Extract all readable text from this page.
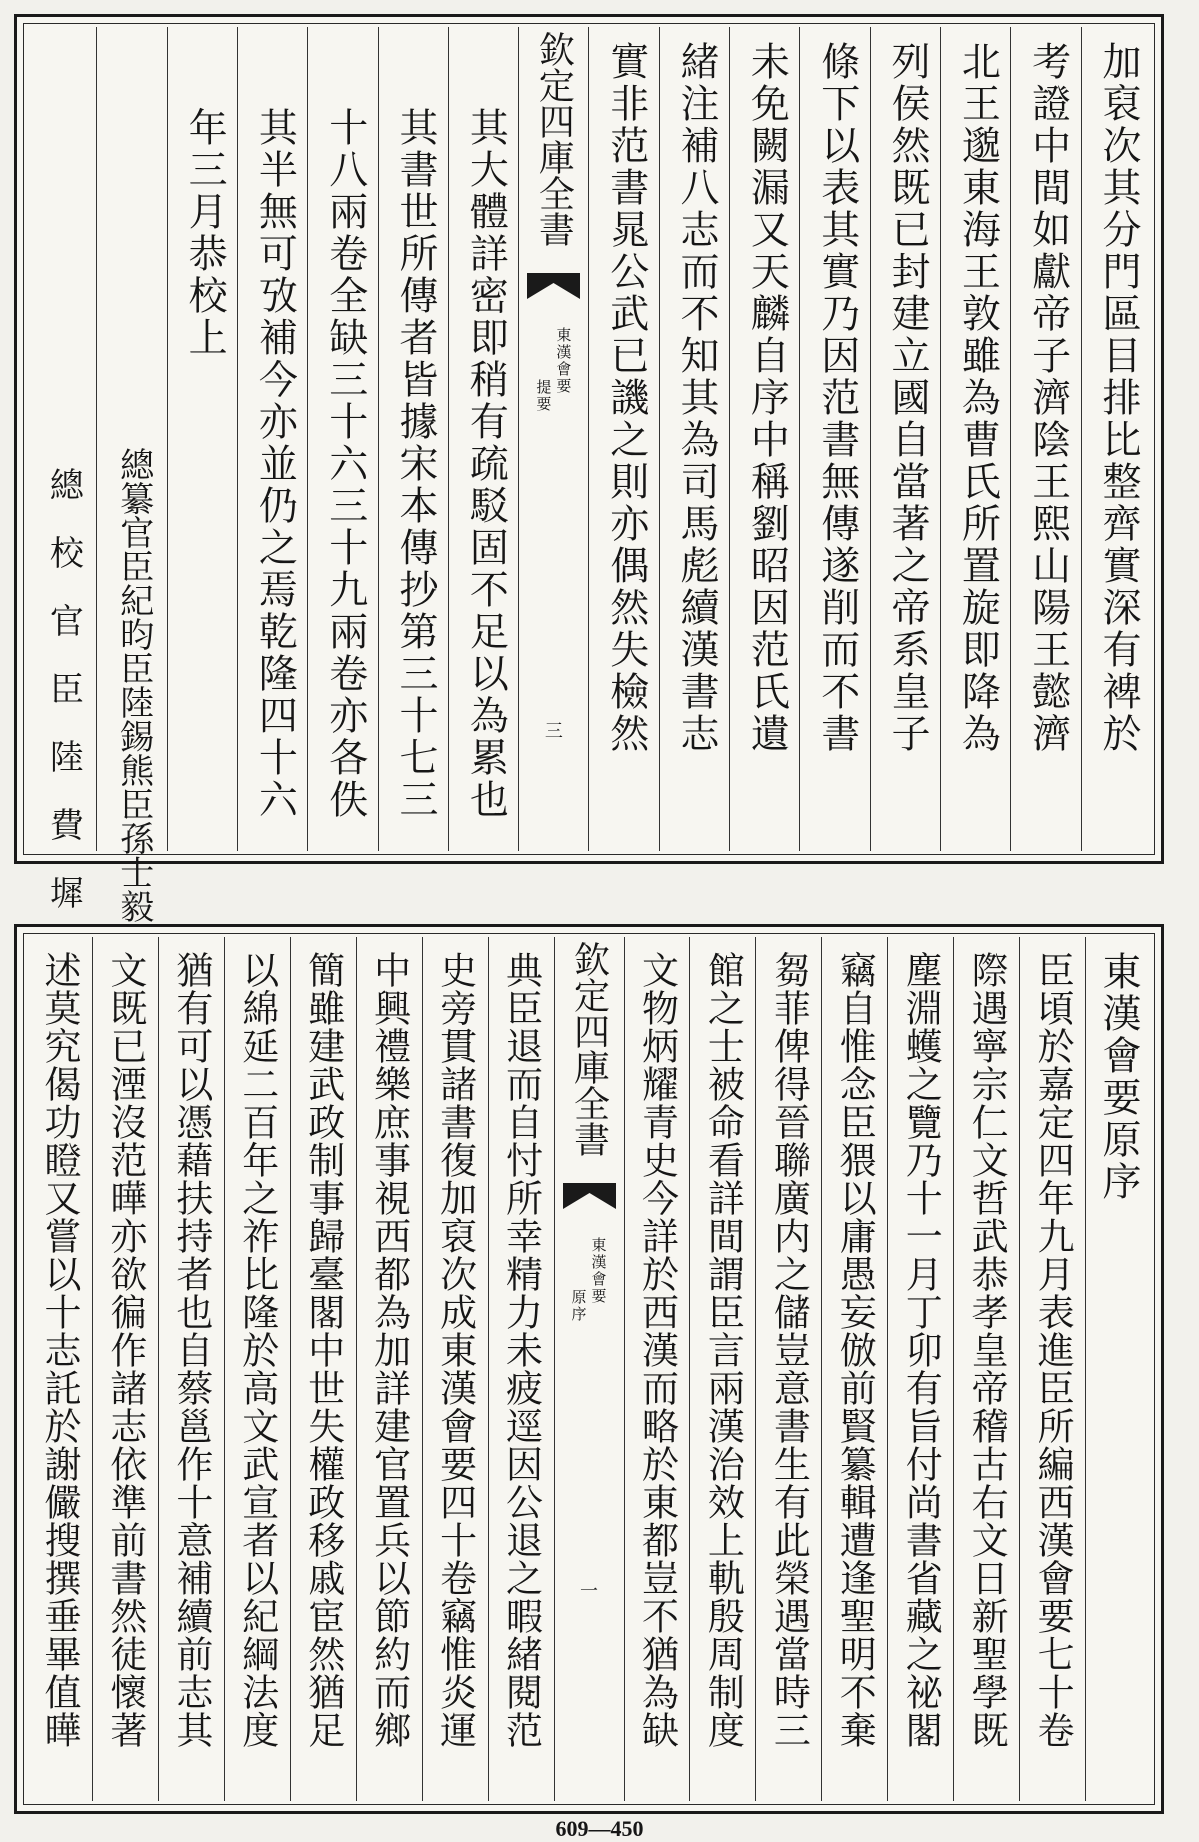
加裒次其分門區目排比整齊實深有裨於
考證中間如獻帝子濟陰王熙山陽王懿濟
北王邈東海王敦雖為曹氏所置旋即降為
列侯然既已封建立國自當著之帝系皇子
條下以表其實乃因范書無傳遂削而不書
未免闕漏又天麟自序中稱劉昭因范氏遺
緒注補八志而不知其為司馬彪續漢書志
實非范書晁公武已譏之則亦偶然失檢然
欽定四庫全書
東漢會要
提要
三
其大體詳密即稍有疏駁固不足以為累也
其書世所傳者皆據宋本傳抄第三十七三
十八兩卷全缺三十六三十九兩卷亦各佚
其半無可攷補今亦並仍之焉乾隆四十六
年三月恭校上
總纂官臣紀昀臣陸錫熊臣孫士毅
總　校　官　臣　陸　費　墀
東漢會要原序
臣頃於嘉定四年九月表進臣所編西漢會要七十卷
際遇寧宗仁文哲武恭孝皇帝稽古右文日新聖學既
塵淵蠖之覽乃十一月丁卯有旨付尚書省藏之祕閣
竊自惟念臣猥以庸愚妄倣前賢纂輯遭逢聖明不棄
芻菲俾得晉聯廣内之儲豈意書生有此榮遇當時三
館之士被命看詳間謂臣言兩漢治效上軌殷周制度
文物炳耀青史今詳於西漢而略於東都豈不猶為缺
欽定四庫全書
東漢會要
原序
一
典臣退而自忖所幸精力未疲逕因公退之暇緒閱范
史旁貫諸書復加裒次成東漢會要四十卷竊惟炎運
中興禮樂庶事視西都為加詳建官置兵以節約而鄉
簡雖建武政制事歸臺閣中世失權政移戚宦然猶足
以綿延二百年之祚比隆於高文武宣者以紀綱法度
猶有可以憑藉扶持者也自蔡邕作十意補續前志其
文既已湮沒范曄亦欲徧作諸志依準前書然徒懷著
述莫究偈功瞪又嘗以十志託於謝儼搜撰垂畢值曄
609—450
